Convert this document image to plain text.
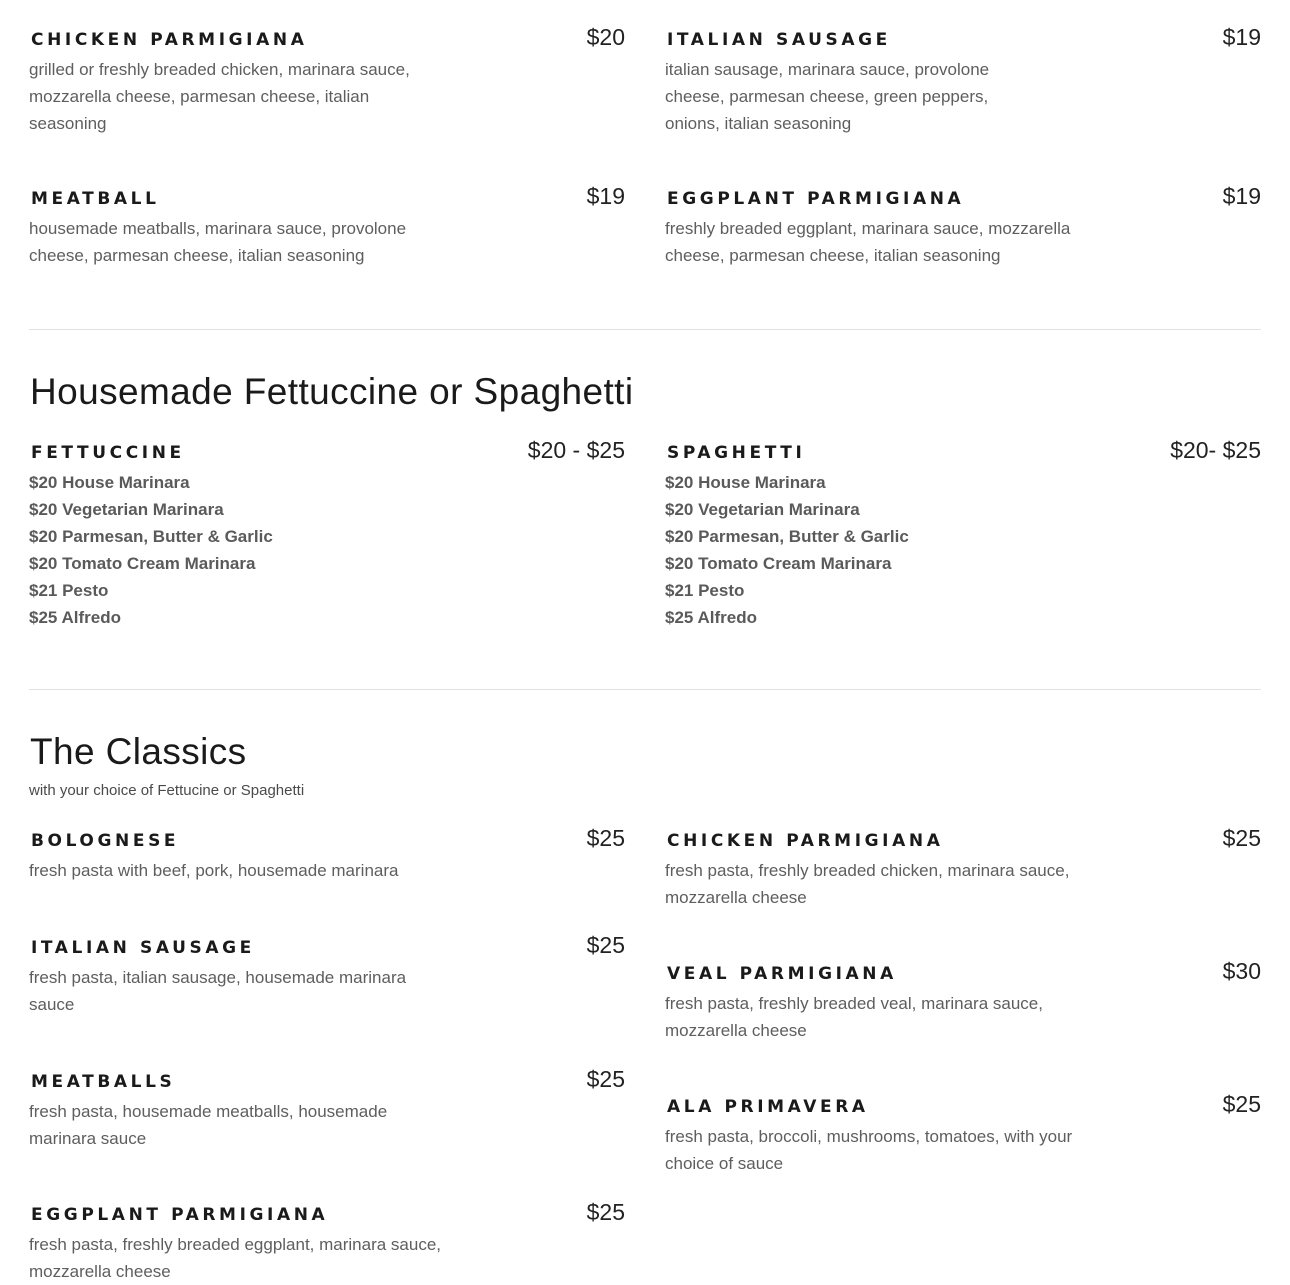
CHICKEN PARMIGIANA	$20
grilled or freshly breaded chicken, marinara sauce, mozzarella cheese, parmesan cheese, italian seasoning
MEATBALL	$19
housemade meatballs, marinara sauce, provolone cheese, parmesan cheese, italian seasoning
ITALIAN SAUSAGE	$19
italian sausage, marinara sauce, provolone cheese, parmesan cheese, green peppers, onions, italian seasoning
EGGPLANT PARMIGIANA	$19
freshly breaded eggplant, marinara sauce, mozzarella cheese, parmesan cheese, italian seasoning
Housemade Fettuccine or Spaghetti
FETTUCCINE	$20 - $25
$20 House Marinara
$20 Vegetarian Marinara
$20 Parmesan, Butter & Garlic
$20 Tomato Cream Marinara
$21 Pesto
$25 Alfredo
SPAGHETTI	$20- $25
$20 House Marinara
$20 Vegetarian Marinara
$20 Parmesan, Butter & Garlic
$20 Tomato Cream Marinara
$21 Pesto
$25 Alfredo
The Classics
with your choice of Fettucine or Spaghetti
BOLOGNESE	$25
fresh pasta with beef, pork, housemade marinara
ITALIAN SAUSAGE	$25
fresh pasta, italian sausage, housemade marinara sauce
MEATBALLS	$25
fresh pasta, housemade meatballs, housemade marinara sauce
EGGPLANT PARMIGIANA	$25
fresh pasta, freshly breaded eggplant, marinara sauce, mozzarella cheese
CHICKEN PARMIGIANA	$25
fresh pasta, freshly breaded chicken, marinara sauce, mozzarella cheese
VEAL PARMIGIANA	$30
fresh pasta, freshly breaded veal, marinara sauce, mozzarella cheese
ALA PRIMAVERA	$25
fresh pasta, broccoli, mushrooms, tomatoes, with your choice of sauce
